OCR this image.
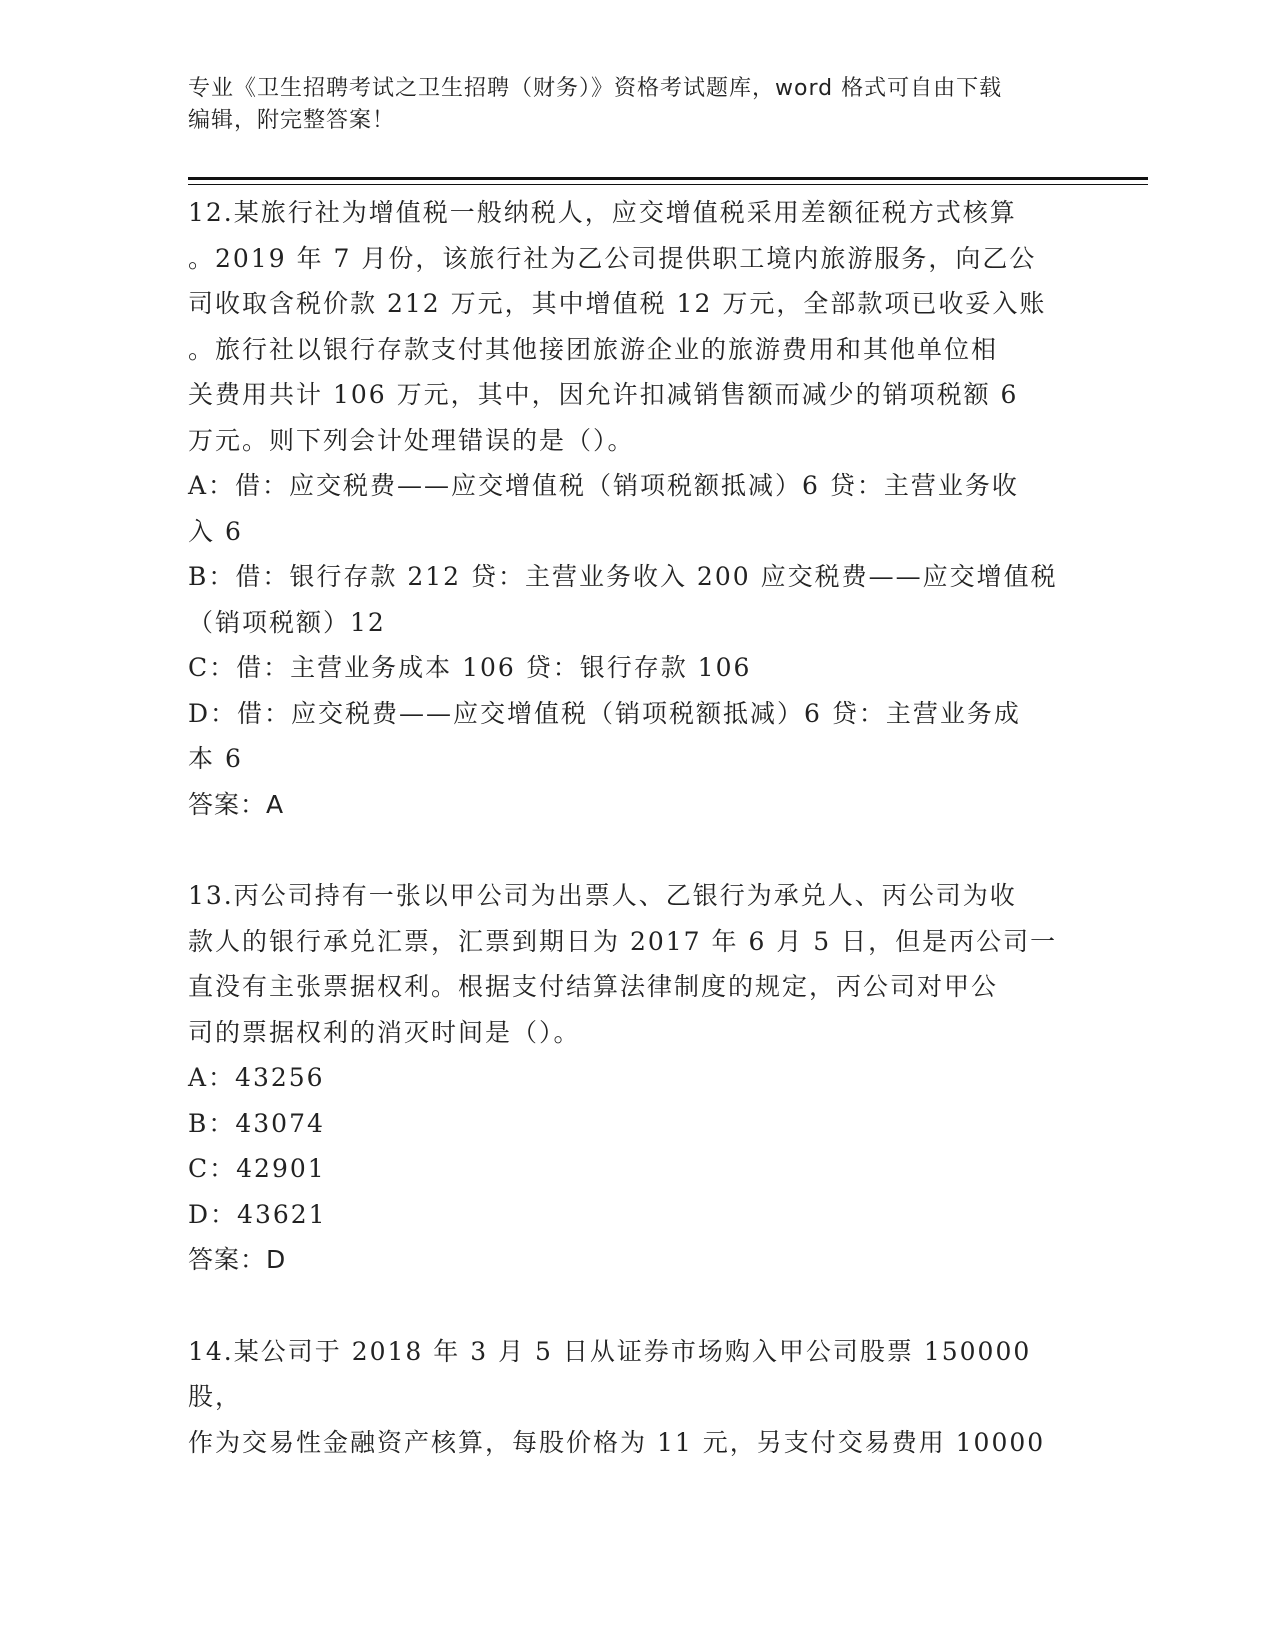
专业《卫生招聘考试之卫生招聘（财务）》资格考试题库，word 格式可自由下载
编辑，附完整答案！

12.某旅行社为增值税一般纳税人，应交增值税采用差额征税方式核算

。2019 年 7 月份，该旅行社为乙公司提供职工境内旅游服务，向乙公

司收取含税价款 212 万元，其中增值税 12 万元，全部款项已收妥入账

。旅行社以银行存款支付其他接团旅游企业的旅游费用和其他单位相

关费用共计 106 万元，其中，因允许扣减销售额而减少的销项税额 6

万元。则下列会计处理错误的是（）。

A：借：应交税费——应交增值税（销项税额抵减）6 贷：主营业务收

入 6

B：借：银行存款 212 贷：主营业务收入 200 应交税费——应交增值税

（销项税额）12

C：借：主营业务成本 106 贷：银行存款 106

D：借：应交税费——应交增值税（销项税额抵减）6 贷：主营业务成

本 6

答案：A

13.丙公司持有一张以甲公司为出票人、乙银行为承兑人、丙公司为收

款人的银行承兑汇票，汇票到期日为 2017 年 6 月 5 日，但是丙公司一

直没有主张票据权利。根据支付结算法律制度的规定，丙公司对甲公

司的票据权利的消灭时间是（）。

A：43256

B：43074

C：42901

D：43621

答案：D

14.某公司于 2018 年 3 月 5 日从证券市场购入甲公司股票 150000 股，

作为交易性金融资产核算，每股价格为 11 元，另支付交易费用 10000
